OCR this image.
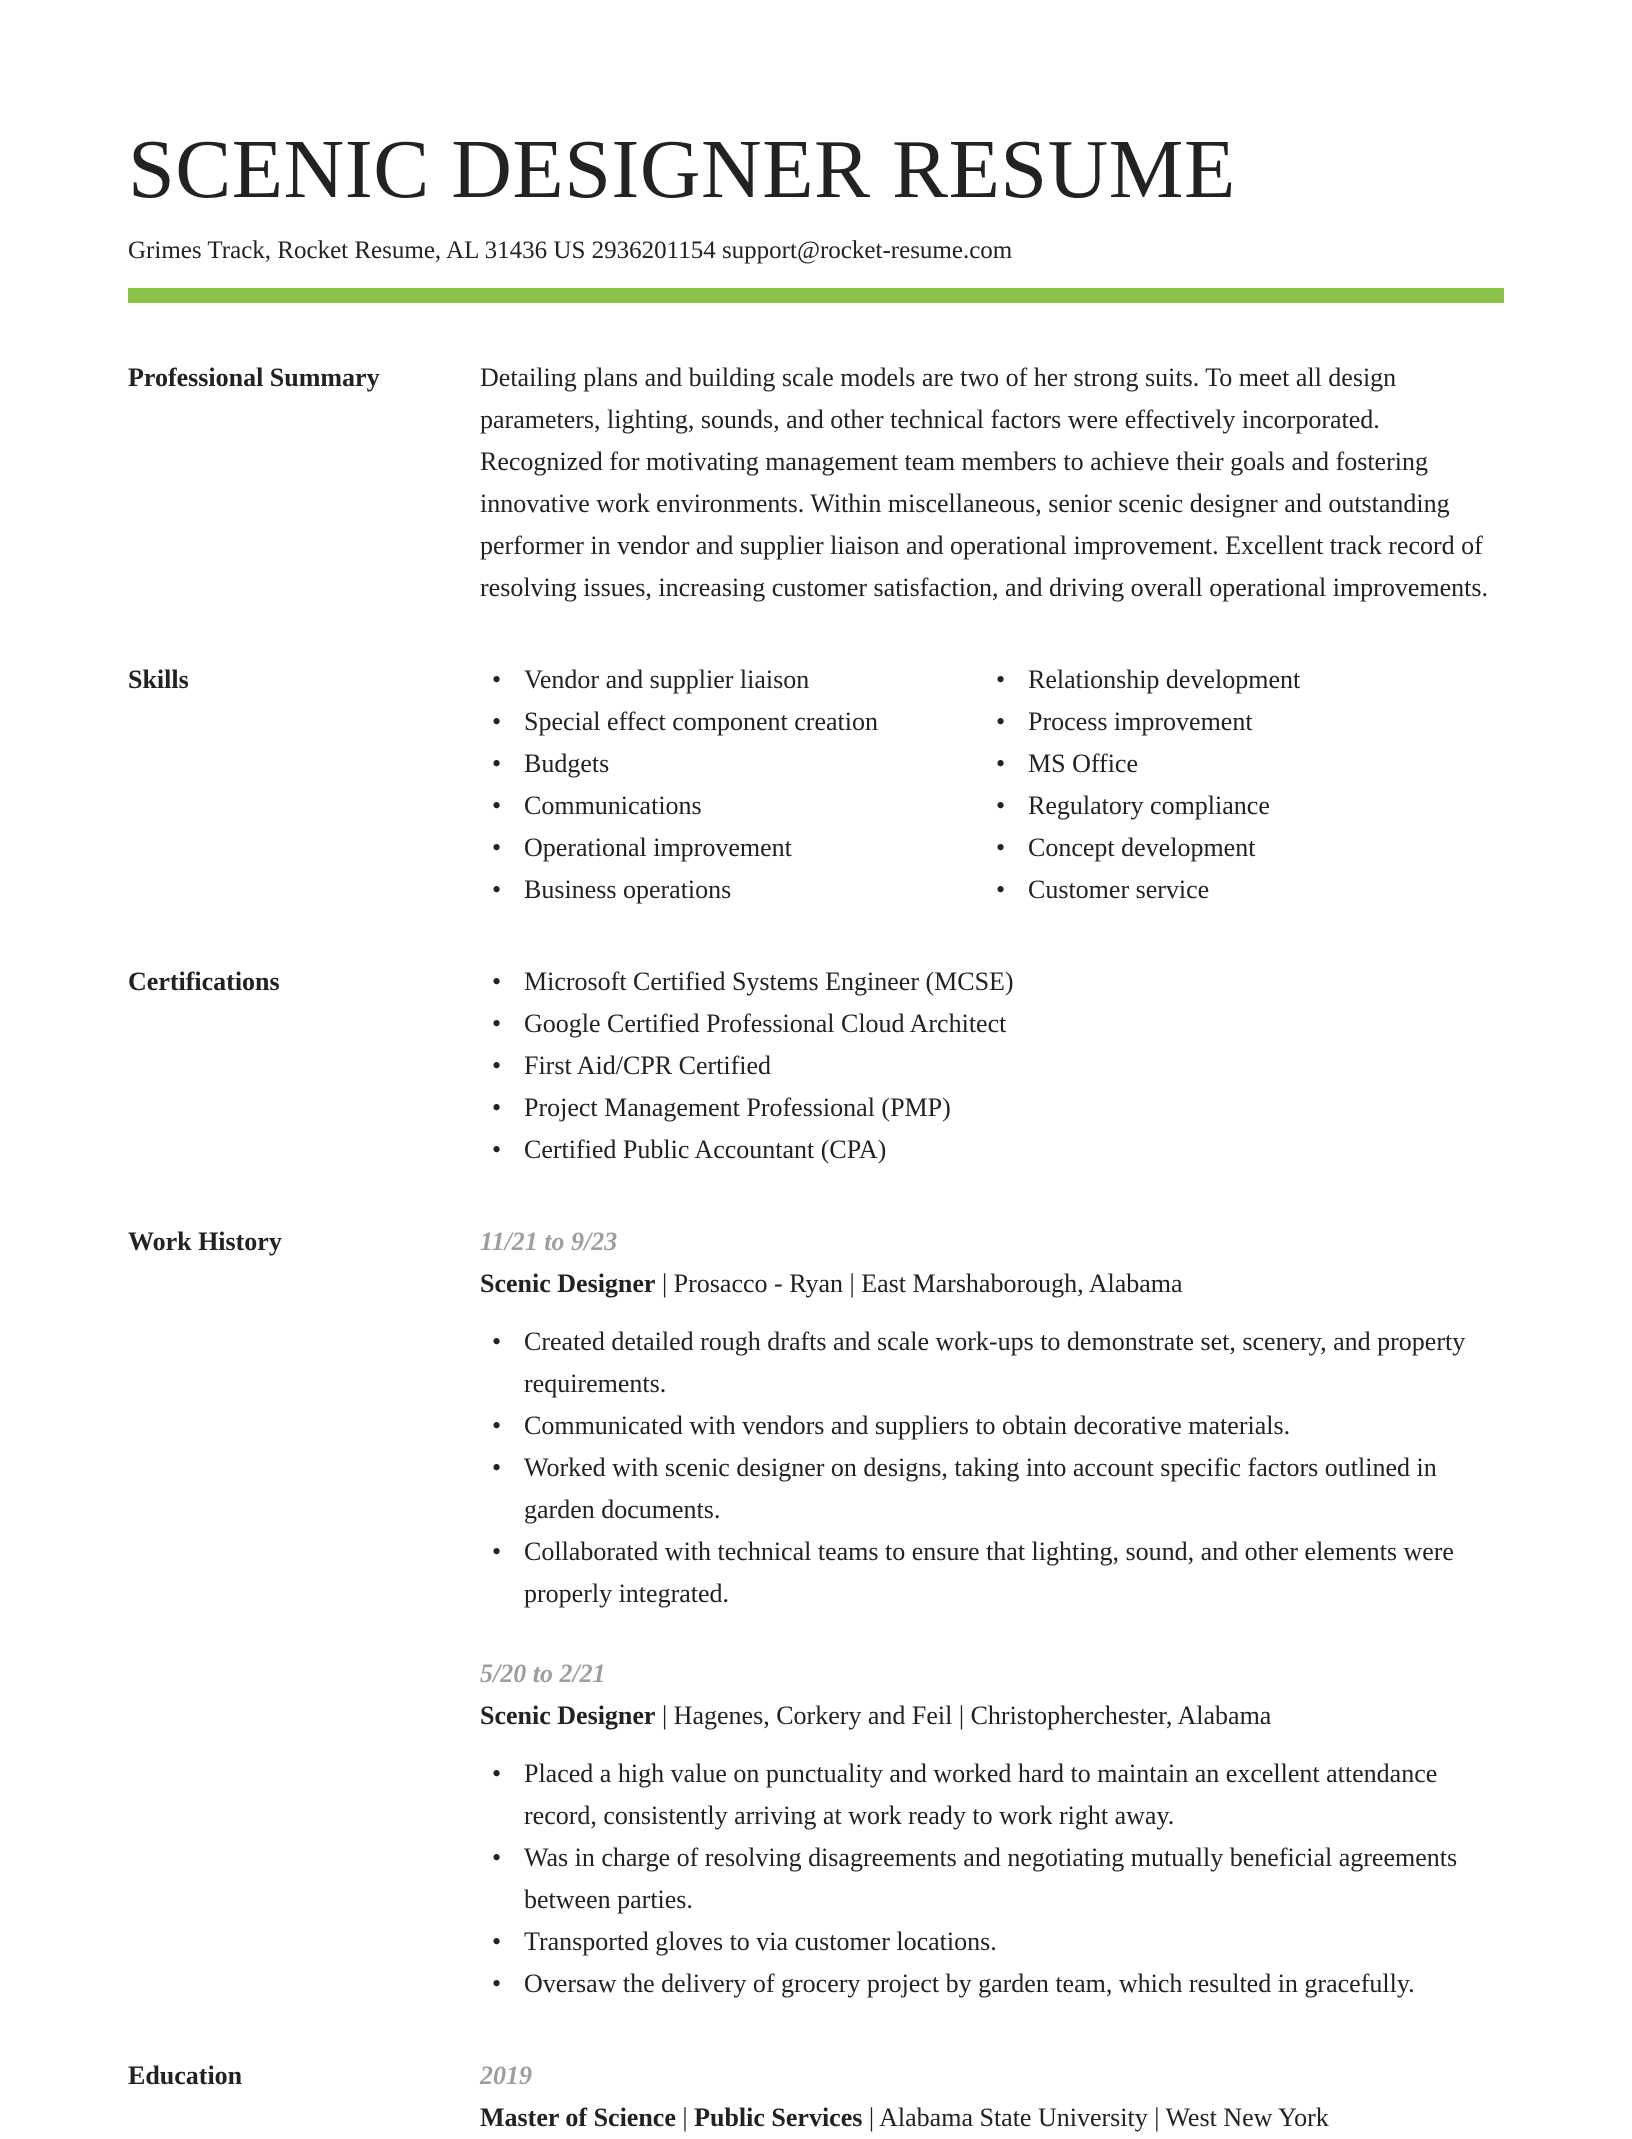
SCENIC DESIGNER RESUME
Grimes Track, Rocket Resume, AL 31436 US 2936201154 support@rocket-resume.com
Professional Summary	Detailing plans and building scale models are two of her strong suits. To meet all design parameters, lighting, sounds, and other technical factors were effectively incorporated. Recognized for motivating management team members to achieve their goals and fostering innovative work environments. Within miscellaneous, senior scenic designer and outstanding performer in vendor and supplier liaison and operational improvement. Excellent track record of resolving issues, increasing customer satisfaction, and driving overall operational improvements.
Skills	• Vendor and supplier liaison
• Special effect component creation
• Budgets
• Communications
• Operational improvement
• Business operations
• Relationship development
• Process improvement
• MS Office
• Regulatory compliance
• Concept development
• Customer service
Certifications	• Microsoft Certified Systems Engineer (MCSE)
• Google Certified Professional Cloud Architect
• First Aid/CPR Certified
• Project Management Professional (PMP)
• Certified Public Accountant (CPA)
Work History	11/21 to 9/23
Scenic Designer | Prosacco - Ryan | East Marshaborough, Alabama
• Created detailed rough drafts and scale work-ups to demonstrate set, scenery, and property requirements.
• Communicated with vendors and suppliers to obtain decorative materials.
• Worked with scenic designer on designs, taking into account specific factors outlined in garden documents.
• Collaborated with technical teams to ensure that lighting, sound, and other elements were properly integrated.
5/20 to 2/21
Scenic Designer | Hagenes, Corkery and Feil | Christopherchester, Alabama
• Placed a high value on punctuality and worked hard to maintain an excellent attendance record, consistently arriving at work ready to work right away.
• Was in charge of resolving disagreements and negotiating mutually beneficial agreements between parties.
• Transported gloves to via customer locations.
• Oversaw the delivery of grocery project by garden team, which resulted in gracefully.
Education	2019
Master of Science | Public Services | Alabama State University | West New York
